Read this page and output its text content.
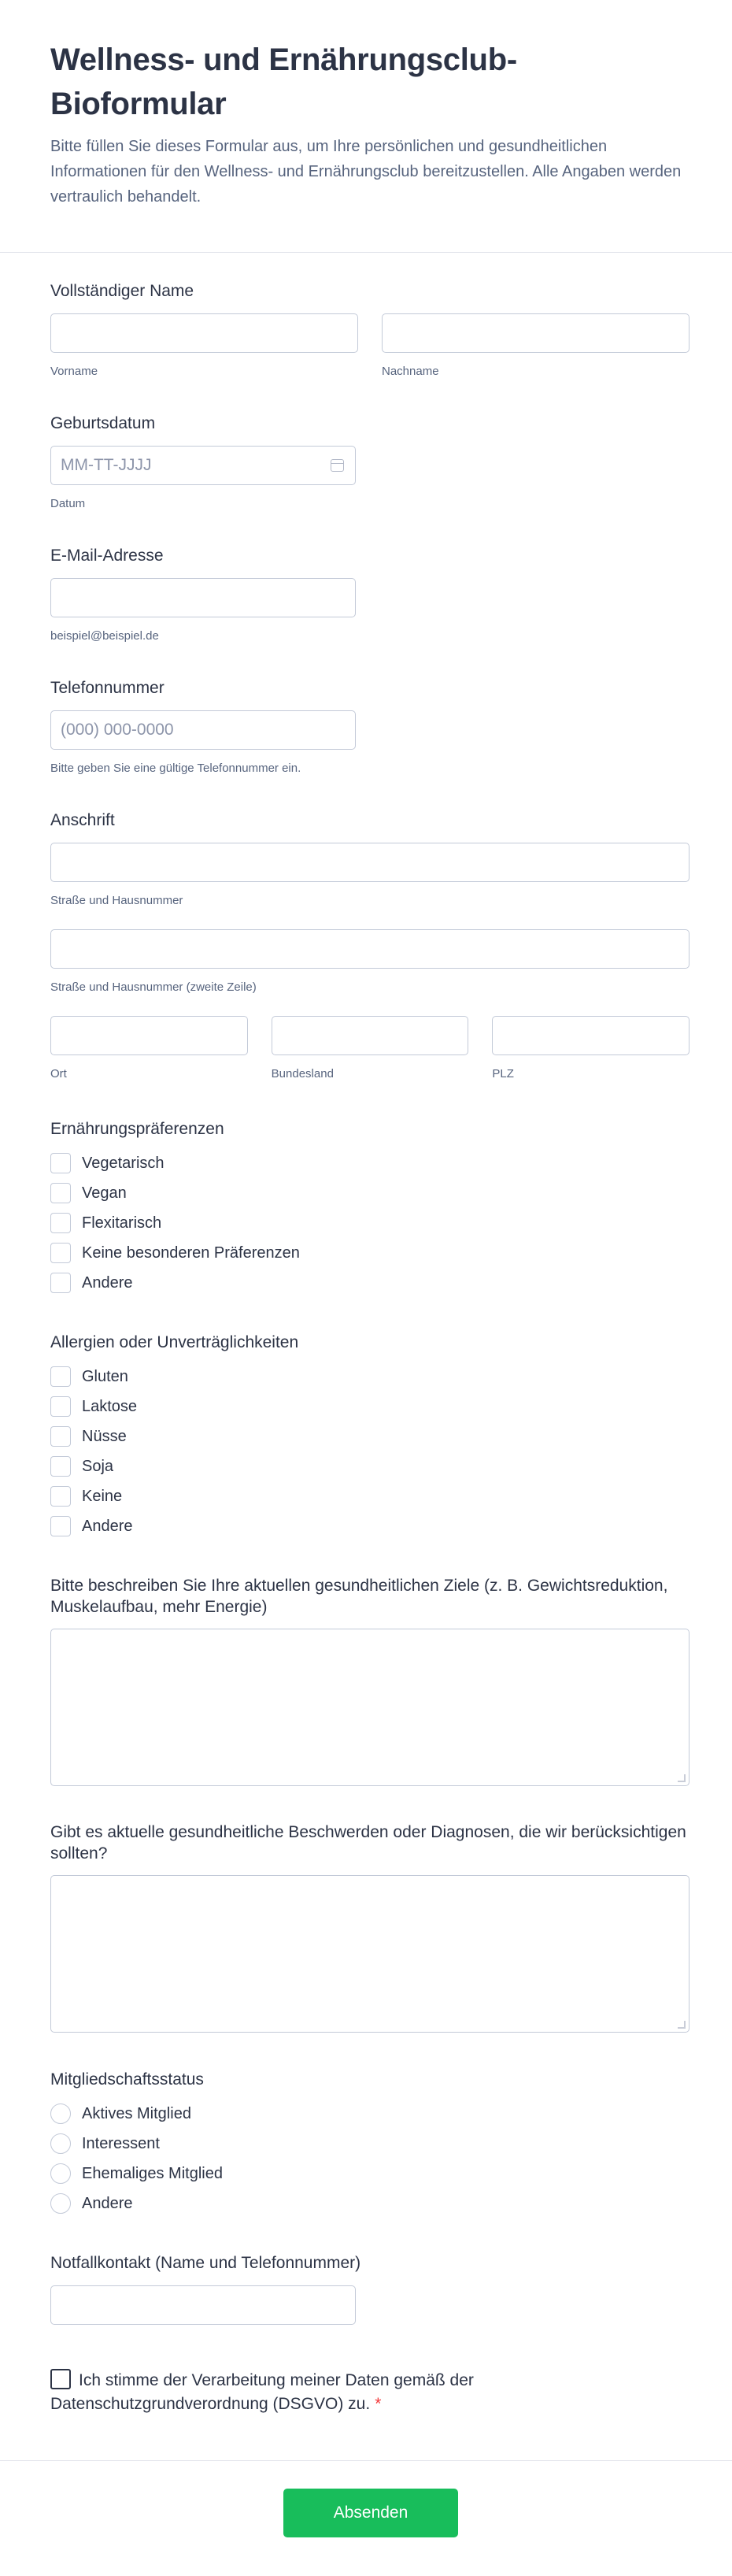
Wellness- und Ernährungsclub-Bioformular

Bitte füllen Sie dieses Formular aus, um Ihre persönlichen und gesundheitlichen Informationen für den Wellness- und Ernährungsclub bereitzustellen. Alle Angaben werden vertraulich behandelt.

Vollständiger Name
Vorname	Nachname
Geburtsdatum
MM-TT-JJJJ
Datum
E-Mail-Adresse
beispiel@beispiel.de
Telefonnummer
(000) 000-0000
Bitte geben Sie eine gültige Telefonnummer ein.
Anschrift
Straße und Hausnummer
Straße und Hausnummer (zweite Zeile)
Ort	Bundesland	PLZ
Ernährungspräferenzen
Vegetarisch
Vegan
Flexitarisch
Keine besonderen Präferenzen
Andere
Allergien oder Unverträglichkeiten
Gluten
Laktose
Nüsse
Soja
Keine
Andere
Bitte beschreiben Sie Ihre aktuellen gesundheitlichen Ziele (z. B. Gewichtsreduktion, Muskelaufbau, mehr Energie)
Gibt es aktuelle gesundheitliche Beschwerden oder Diagnosen, die wir berücksichtigen sollten?
Mitgliedschaftsstatus
Aktives Mitglied
Interessent
Ehemaliges Mitglied
Andere
Notfallkontakt (Name und Telefonnummer)
Ich stimme der Verarbeitung meiner Daten gemäß der Datenschutzgrundverordnung (DSGVO) zu. *
Absenden
